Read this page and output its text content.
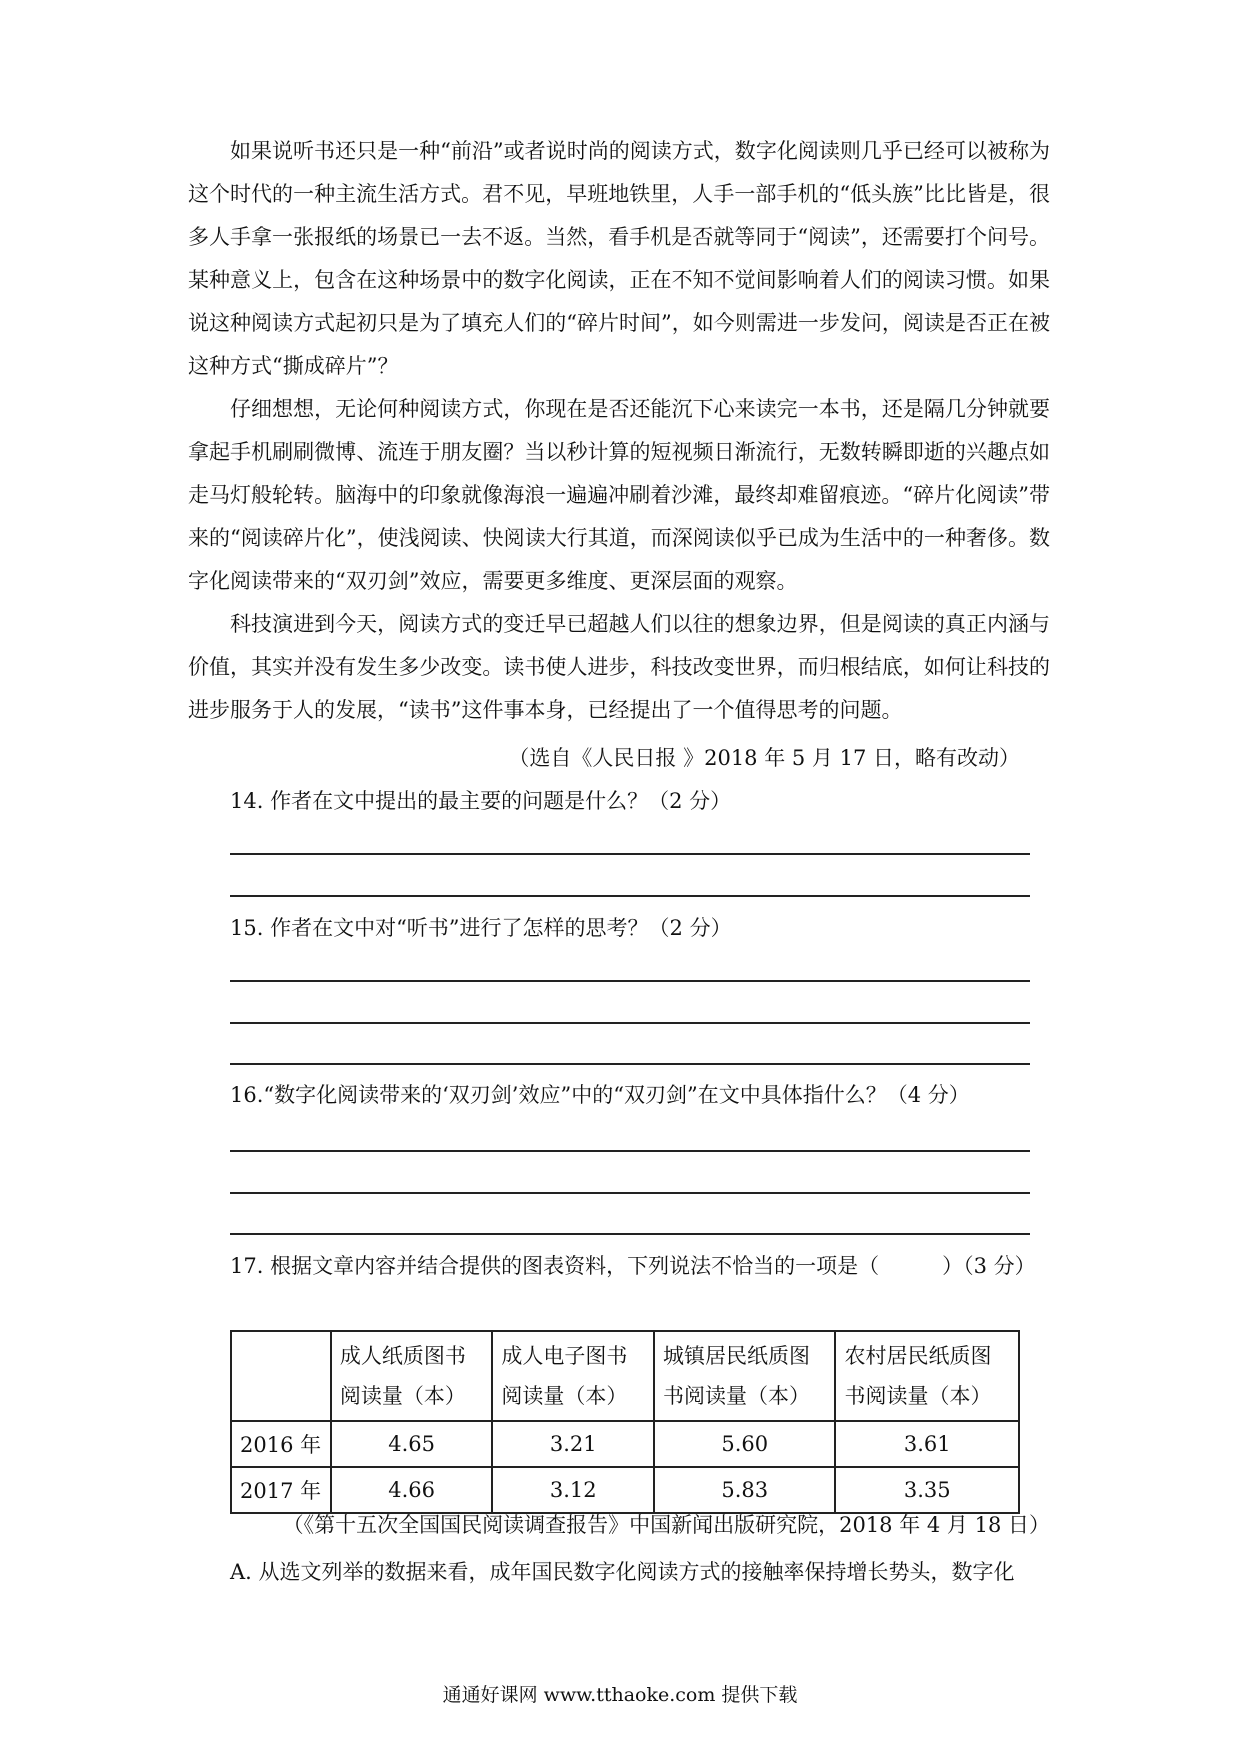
如果说听书还只是一种“前沿”或者说时尚的阅读方式，数字化阅读则几乎已经可以被称为这个时代的一种主流生活方式。君不见，早班地铁里，人手一部手机的“低头族”比比皆是，很多人手拿一张报纸的场景已一去不返。当然，看手机是否就等同于“阅读”，还需要打个问号。某种意义上，包含在这种场景中的数字化阅读，正在不知不觉间影响着人们的阅读习惯。如果说这种阅读方式起初只是为了填充人们的“碎片时间”，如今则需进一步发问，阅读是否正在被这种方式“撕成碎片”？

仔细想想，无论何种阅读方式，你现在是否还能沉下心来读完一本书，还是隔几分钟就要拿起手机刷刷微博、流连于朋友圈？当以秒计算的短视频日渐流行，无数转瞬即逝的兴趣点如走马灯般轮转。脑海中的印象就像海浪一遍遍冲刷着沙滩，最终却难留痕迹。“碎片化阅读”带来的“阅读碎片化”，使浅阅读、快阅读大行其道，而深阅读似乎已成为生活中的一种奢侈。数字化阅读带来的“双刃剑”效应，需要更多维度、更深层面的观察。

科技演进到今天，阅读方式的变迁早已超越人们以往的想象边界，但是阅读的真正内涵与价值，其实并没有发生多少改变。读书使人进步，科技改变世界，而归根结底，如何让科技的进步服务于人的发展，“读书”这件事本身，已经提出了一个值得思考的问题。

（选自《人民日报 》2018 年 5 月 17 日，略有改动）
14. 作者在文中提出的最主要的问题是什么？（2 分）
15. 作者在文中对“听书”进行了怎样的思考？（2 分）
16.“数字化阅读带来的‘双刃剑’效应”中的“双刃剑”在文中具体指什么？（4 分）
17. 根据文章内容并结合提供的图表资料，下列说法不恰当的一项是（　　　）（3 分）
	成人纸质图书阅读量（本）	成人电子图书阅读量（本）	城镇居民纸质图书阅读量（本）	农村居民纸质图书阅读量（本）
2016 年	4.65	3.21	5.60	3.61
2017 年	4.66	3.12	5.83	3.35
（《第十五次全国国民阅读调查报告》中国新闻出版研究院，2018 年 4 月 18 日）
A. 从选文列举的数据来看，成年国民数字化阅读方式的接触率保持增长势头，数字化
通通好课网 www.tthaoke.com 提供下载
